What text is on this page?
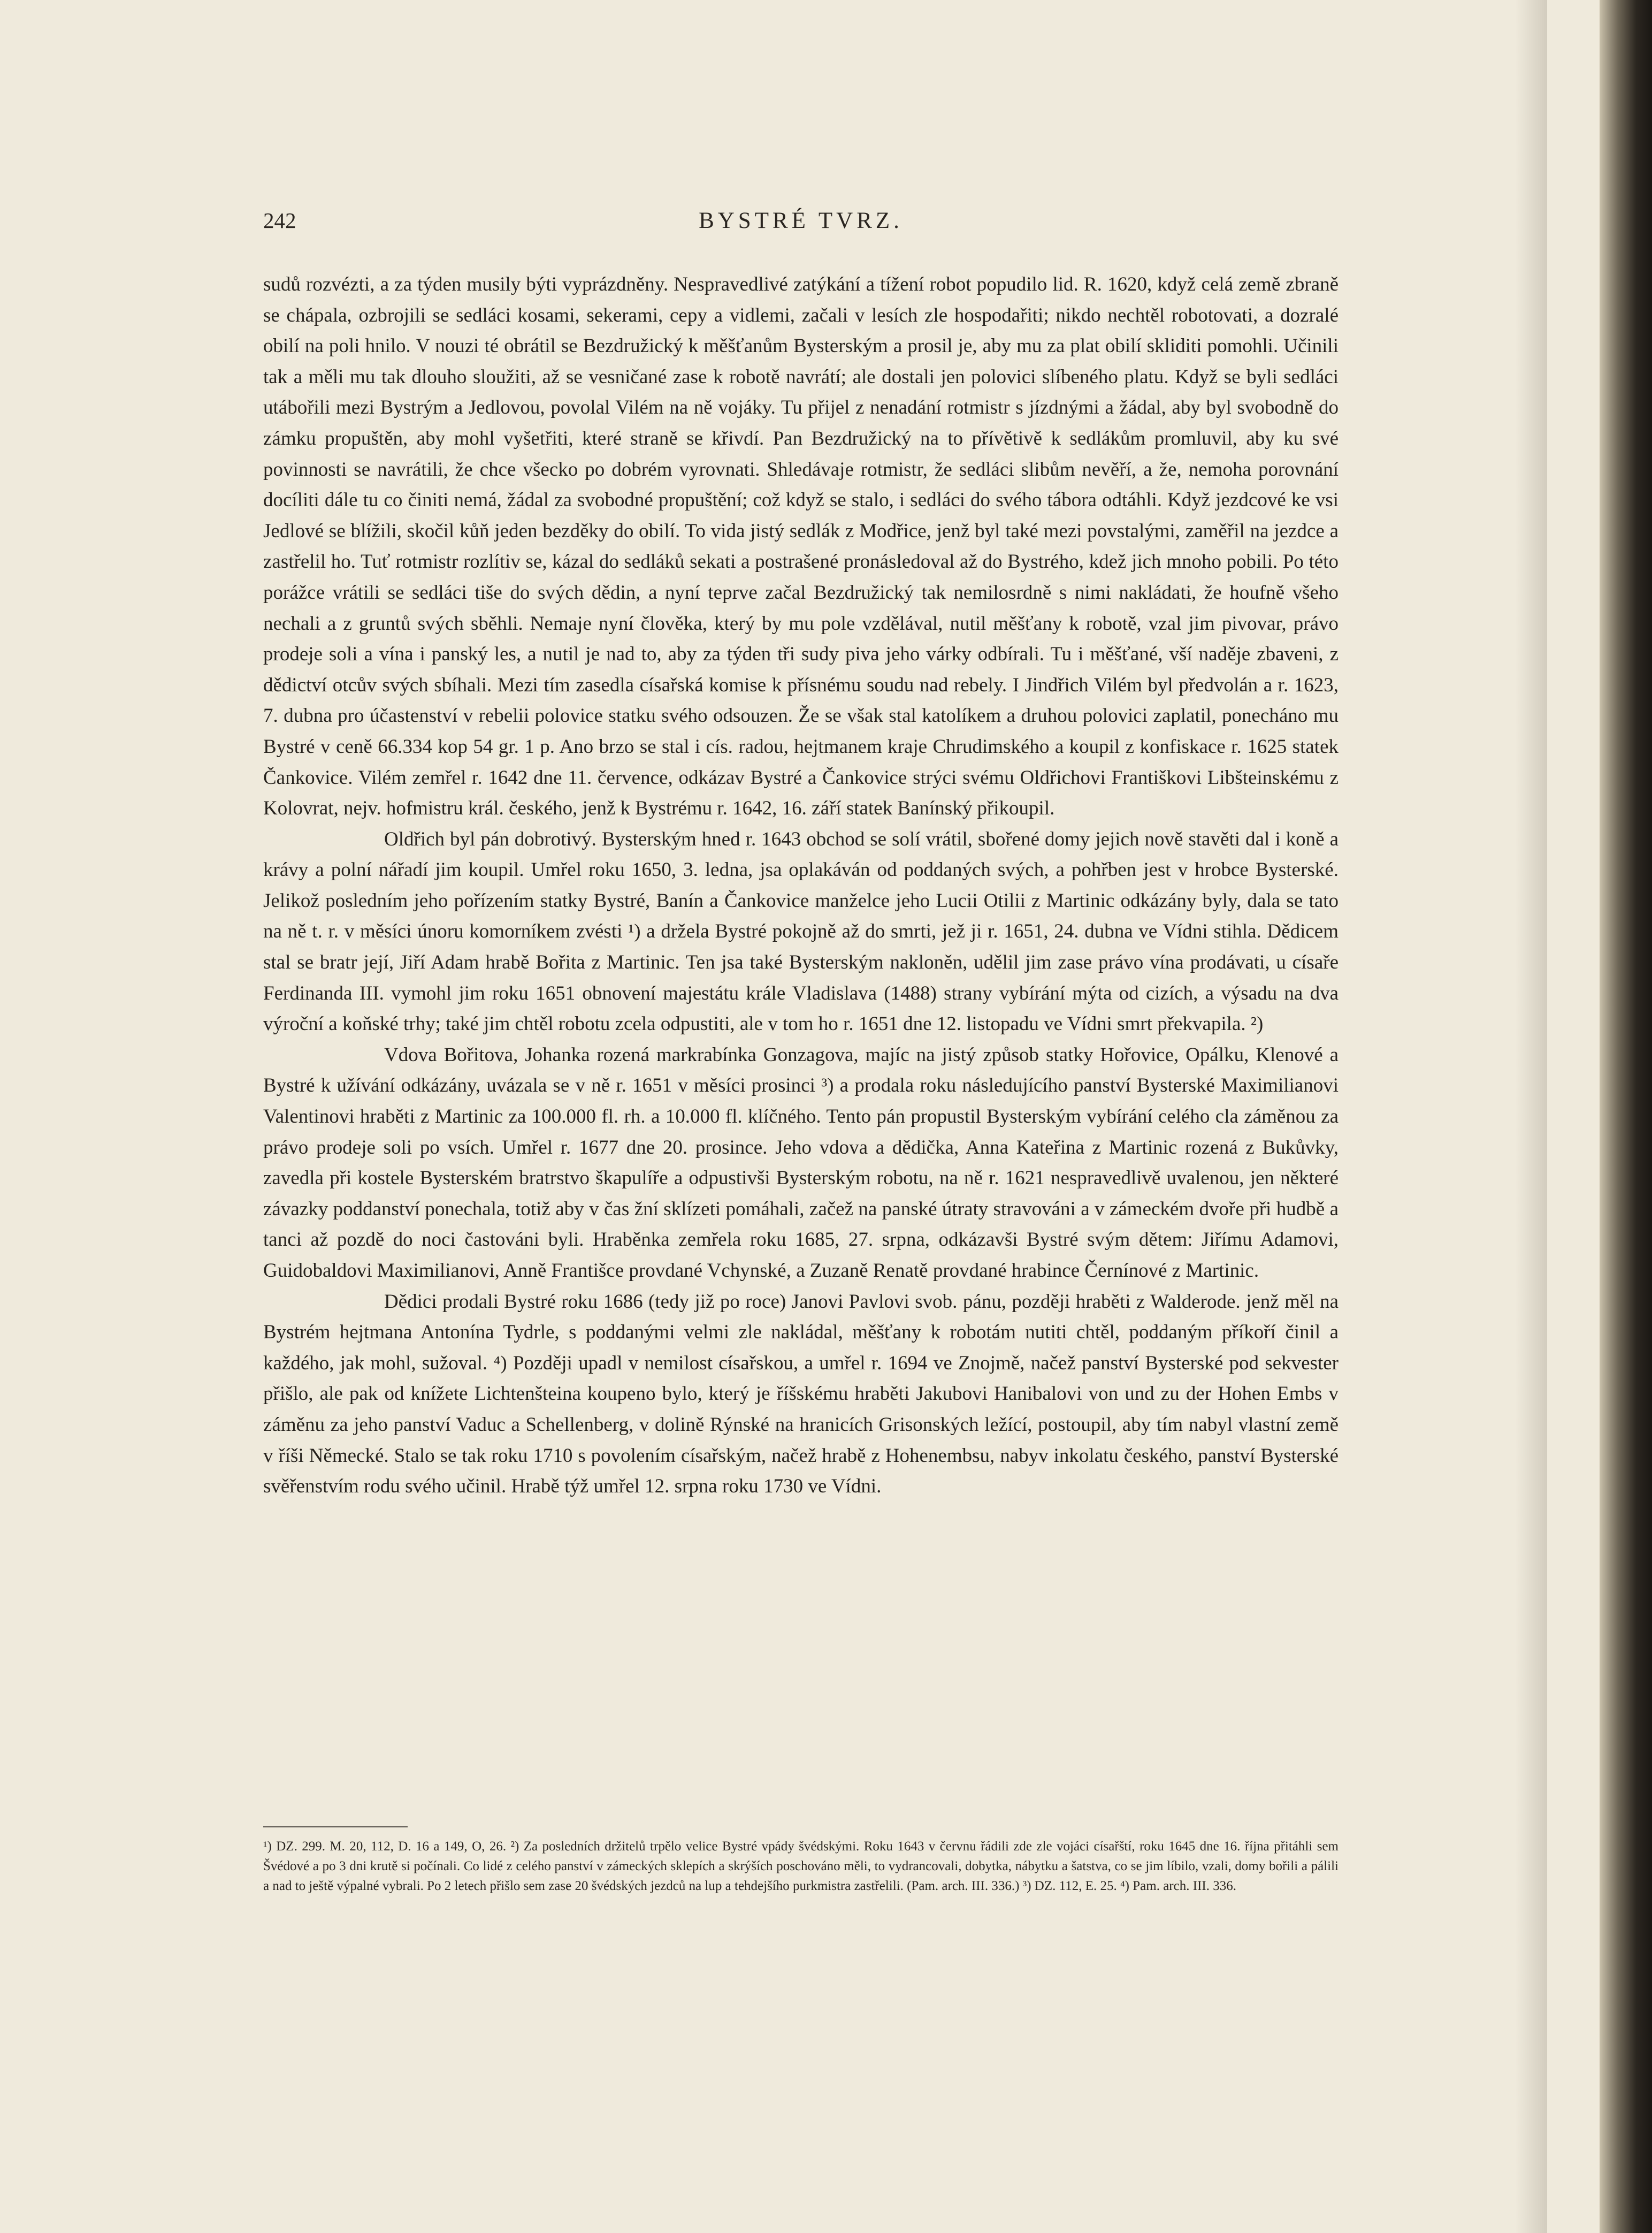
242	BYSTRÉ TVRZ.

sudů rozvézti, a za týden musily býti vyprázdněny. Nespravedlivé zatýkání a tížení robot popudilo lid. R. 1620, když celá země zbraně se chápala, ozbrojili se sedláci kosami, sekerami, cepy a vidlemi, začali v lesích zle hospodařiti; nikdo nechtěl robotovati, a dozralé obilí na poli hnilo. V nouzi té obrátil se Bezdružický k měšťanům Bysterským a prosil je, aby mu za plat obilí skliditi pomohli. Učinili tak a měli mu tak dlouho sloužiti, až se vesničané zase k robotě navrátí; ale dostali jen polovici slíbeného platu. Když se byli sedláci utábořili mezi Bystrým a Jedlovou, povolal Vilém na ně vojáky. Tu přijel z nenadání rotmistr s jízdnými a žádal, aby byl svobodně do zámku propuštěn, aby mohl vyšetřiti, které straně se křivdí. Pan Bezdružický na to přívětivě k sedlákům promluvil, aby ku své povinnosti se navrátili, že chce všecko po dobrém vyrovnati. Shledávaje rotmistr, že sedláci slibům nevěří, a že, nemoha porovnání docíliti dále tu co činiti nemá, žádal za svobodné propuštění; což když se stalo, i sedláci do svého tábora odtáhli. Když jezdcové ke vsi Jedlové se blížili, skočil kůň jeden bezděky do obilí. To vida jistý sedlák z Modřice, jenž byl také mezi povstalými, zaměřil na jezdce a zastřelil ho. Tuť rotmistr rozlítiv se, kázal do sedláků sekati a postrašené pronásledoval až do Bystrého, kdež jich mnoho pobili. Po této porážce vrátili se sedláci tiše do svých dědin, a nyní teprve začal Bezdružický tak nemilosrdně s nimi nakládati, že houfně všeho nechali a z gruntů svých sběhli. Nemaje nyní člověka, který by mu pole vzdělával, nutil měšťany k robotě, vzal jim pivovar, právo prodeje soli a vína i panský les, a nutil je nad to, aby za týden tři sudy piva jeho várky odbírali. Tu i měšťané, vší naděje zbaveni, z dědictví otcův svých sbíhali. Mezi tím zasedla císařská komise k přísnému soudu nad rebely. I Jindřich Vilém byl předvolán a r. 1623, 7. dubna pro účastenství v rebelii polovice statku svého odsouzen. Že se však stal katolíkem a druhou polovici zaplatil, ponecháno mu Bystré v ceně 66.334 kop 54 gr. 1 p. Ano brzo se stal i cís. radou, hejtmanem kraje Chrudimského a koupil z konfiskace r. 1625 statek Čankovice. Vilém zemřel r. 1642 dne 11. července, odkázav Bystré a Čankovice strýci svému Oldřichovi Františkovi Libšteinskému z Kolovrat, nejv. hofmistru král. českého, jenž k Bystrému r. 1642, 16. září statek Banínský přikoupil.

Oldřich byl pán dobrotivý. Bysterským hned r. 1643 obchod se solí vrátil, sbořené domy jejich nově stavěti dal i koně a krávy a polní nářadí jim koupil. Umřel roku 1650, 3. ledna, jsa oplakáván od poddaných svých, a pohřben jest v hrobce Bysterské. Jelikož posledním jeho pořízením statky Bystré, Banín a Čankovice manželce jeho Lucii Otilii z Martinic odkázány byly, dala se tato na ně t. r. v měsíci únoru komorníkem zvésti ¹) a držela Bystré pokojně až do smrti, jež ji r. 1651, 24. dubna ve Vídni stihla. Dědicem stal se bratr její, Jiří Adam hrabě Bořita z Martinic. Ten jsa také Bysterským nakloněn, udělil jim zase právo vína prodávati, u císaře Ferdinanda III. vymohl jim roku 1651 obnovení majestátu krále Vladislava (1488) strany vybírání mýta od cizích, a výsadu na dva výroční a koňské trhy; také jim chtěl robotu zcela odpustiti, ale v tom ho r. 1651 dne 12. listopadu ve Vídni smrt překvapila. ²)

Vdova Bořitova, Johanka rozená markrabínka Gonzagova, majíc na jistý způsob statky Hořovice, Opálku, Klenové a Bystré k užívání odkázány, uvázala se v ně r. 1651 v měsíci prosinci ³) a prodala roku následujícího panství Bysterské Maximilianovi Valentinovi hraběti z Martinic za 100.000 fl. rh. a 10.000 fl. klíčného. Tento pán propustil Bysterským vybírání celého cla záměnou za právo prodeje soli po vsích. Umřel r. 1677 dne 20. prosince. Jeho vdova a dědička, Anna Kateřina z Martinic rozená z Bukůvky, zavedla při kostele Bysterském bratrstvo škapulíře a odpustivši Bysterským robotu, na ně r. 1621 nespravedlivě uvalenou, jen některé závazky poddanství ponechala, totiž aby v čas žní sklízeti pomáhali, začež na panské útraty stravováni a v zámeckém dvoře při hudbě a tanci až pozdě do noci častováni byli. Hraběnka zemřela roku 1685, 27. srpna, odkázavši Bystré svým dětem: Jiřímu Adamovi, Guidobaldovi Maximilianovi, Anně Františce provdané Vchynské, a Zuzaně Renatě provdané hrabince Černínové z Martinic.

Dědici prodali Bystré roku 1686 (tedy již po roce) Janovi Pavlovi svob. pánu, později hraběti z Walderode. jenž měl na Bystrém hejtmana Antonína Tydrle, s poddanými velmi zle nakládal, měšťany k robotám nutiti chtěl, poddaným příkoří činil a každého, jak mohl, sužoval. ⁴) Později upadl v nemilost císařskou, a umřel r. 1694 ve Znojmě, načež panství Bysterské pod sekvester přišlo, ale pak od knížete Lichtenšteina koupeno bylo, který je říšskému hraběti Jakubovi Hanibalovi von und zu der Hohen Embs v záměnu za jeho panství Vaduc a Schellenberg, v dolině Rýnské na hranicích Grisonských ležící, postoupil, aby tím nabyl vlastní země v říši Německé. Stalo se tak roku 1710 s povolením císařským, načež hrabě z Hohenembsu, nabyv inkolatu českého, panství Bysterské svěřenstvím rodu svého učinil. Hrabě týž umřel 12. srpna roku 1730 ve Vídni.

¹) DZ. 299. M. 20, 112, D. 16 a 149, O, 26. ²) Za posledních držitelů trpělo velice Bystré vpády švédskými. Roku 1643 v červnu řádili zde zle vojáci císařští, roku 1645 dne 16. října přitáhli sem Švédové a po 3 dni krutě si počínali. Co lidé z celého panství v zámeckých sklepích a skrýších poschováno měli, to vydrancovali, dobytka, nábytku a šatstva, co se jim líbilo, vzali, domy bořili a pálili a nad to ještě výpalné vybrali. Po 2 letech přišlo sem zase 20 švédských jezdců na lup a tehdejšího purkmistra zastřelili. (Pam. arch. III. 336.) ³) DZ. 112, E. 25. ⁴) Pam. arch. III. 336.
